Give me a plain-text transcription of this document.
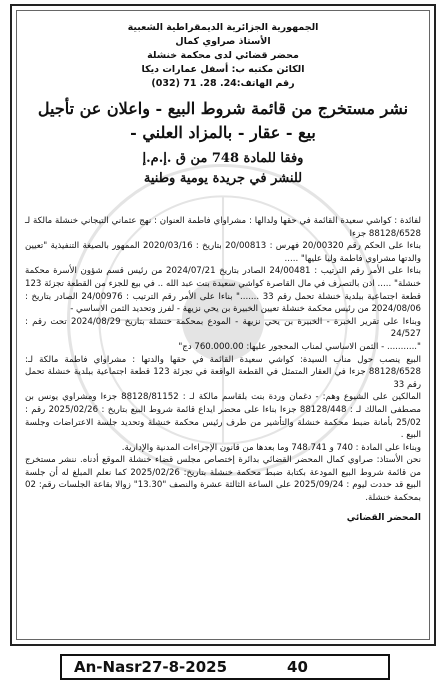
الجمهورية الجزائرية الديمقراطية الشعبية
الأستاذ صراوي كمال
محضر قضائي لدى محكمة خنشلة
الكائن مكتبه ب: أسفل عمارات ديكا
رقم الهاتف:24. 28. 71 (032)
نشر مستخرج من قائمة شروط البيع - واعلان عن تأجيل
بيع - عقار - بالمزاد العلني -
وفقا للمادة 748 من ق .إ.م.إ
للنشر في جريدة يومية وطنية

لفائدة : كواشي سعيدة القائمة في حقها ولدالها : مشراواي فاطمة العنوان : نهج عثماني التيجاني خنشلة مالكة لـ 88128/6528 جزءا

بناءا على الحكم رقم 20/00320 فهرس : 20/00813 بتاريخ : 2020/03/16 الممهور بالصيغة التنفيذية "تعيين والدتها مشراوي فاطمة وليا عليها" .....

بناءا على الأمر رقم الترتيب : 24/00481 الصادر بتاريخ 2024/07/21 من رئيس قسم شؤون الأسرة محكمة خنشلة" ..... اذن بالتصرف في مال القاصرة كواشي سعيدة بنت عبد الله .. في بيع للجزء من القطعة تجزئة 123 قطعة اجتماعية ببلدية خنشلة تحمل رقم 33 ......." بناءا على الأمر رقم الترتيب : 24/00976 الصادر بتاريخ : 2024/08/06 من رئيس محكمة خنشلة تعيين الخبيرة بن يحي نزيهة - لفرز وتحديد الثمن الاساسي -

وبناءا على تقرير الخبرة - الخبيرة بن يحي نزيهة - المودع بمحكمة خنشلة بتاريخ 2024/08/29 تحت رقم : 24/527

"........... - الثمن الاساسي لمناب المحجور عليها: 760.000.00 دج"

البيع ينصب حول مناب السيدة: كواشي سعيدة القائمة في حقها والدتها : مشراواي فاطمة مالكة لـ: 88128/6528 جزءا في العقار المتمثل في القطعة الواقعة في تجزئة 123 قطعة اجتماعية ببلدية خنشلة تحمل رقم 33

المالكين على الشيوع وهم: - دغمان وردة بنت بلقاسم مالكة لـ : 88128/81152 جزءا ومشراوي يونس بن مصطفى المالك لـ : 88128/448 جزءا بناءا على محضر ايداع قائمة شروط البيع بتاريخ : 2025/02/26 رقم : 25/02 بأمانة ضبط محكمة خنشلة والتأشير من طرف رئيس محكمة خنشلة وتحديد جلسة الاعتراضات وجلسة البيع .

وبناءا على المادة : 740 و 748.741 وما بعدها من قانون الإجراءات المدنية والإدارية.

نحن الأستاذ: صراوي كمال المحضر القضائي بدائرة إختصاص مجلس قضاء خنشلة الموقع أدناه. ننشر مستخرج من قائمة شروط البيع المودعة بكتابة ضبط محكمة خنشلة بتاريخ: 2025/02/26 كما نعلم المبلغ له أن جلسة البيع قد حددت ليوم : 2025/09/24 على الساعة الثالثة عشرة والنصف "13.30" زوالا بقاعة الجلسات رقم: 02 بمحكمة خنشلة.

المحضر القضائي
An-Nasr27-8-2025	40
